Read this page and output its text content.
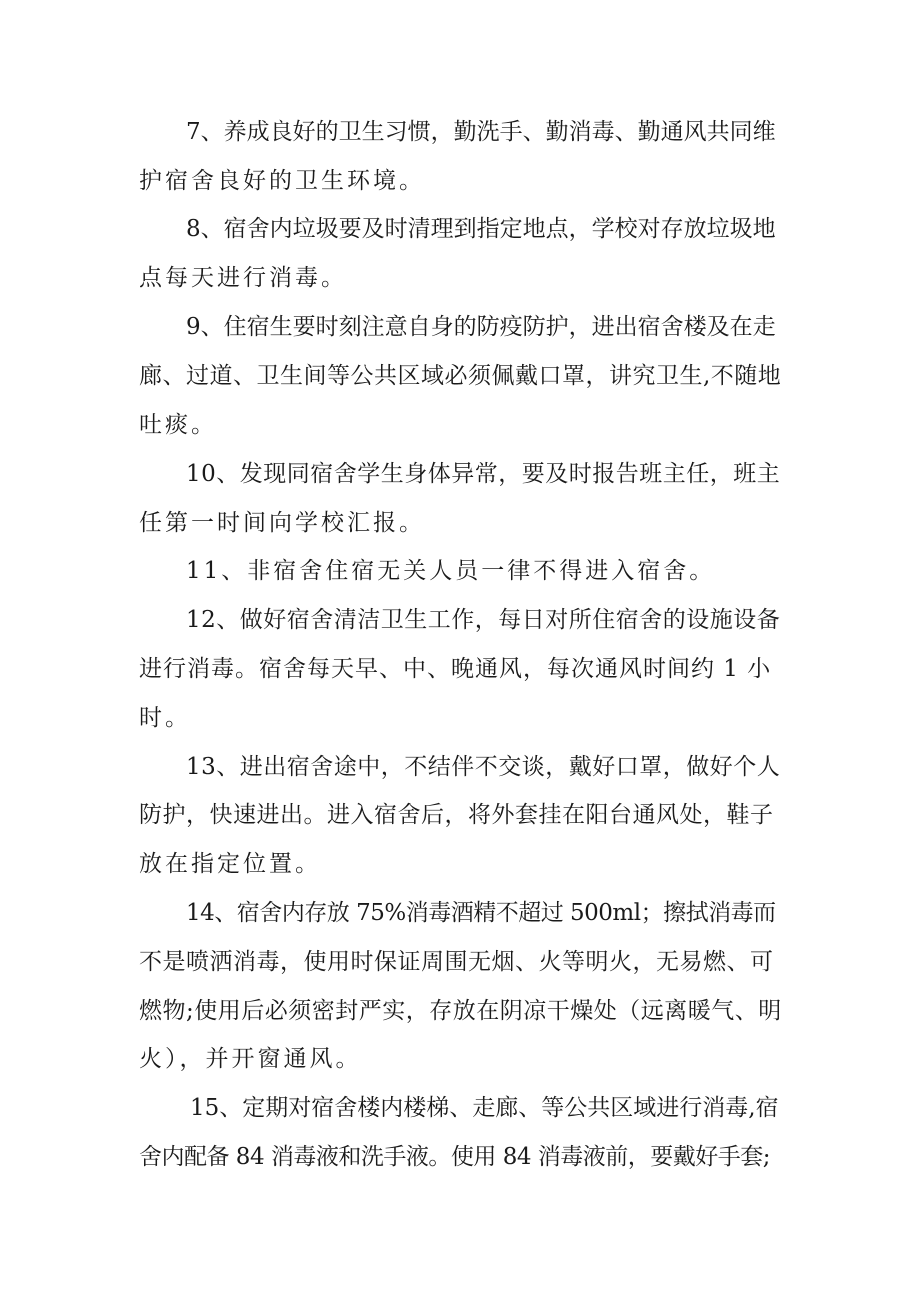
7、养成良好的卫生习惯，勤洗手、勤消毒、勤通风共同维
护宿舍良好的卫生环境。
8、宿舍内垃圾要及时清理到指定地点，学校对存放垃圾地
点每天进行消毒。
9、住宿生要时刻注意自身的防疫防护，进出宿舍楼及在走
廊、过道、卫生间等公共区域必须佩戴口罩，讲究卫生,不随地
吐痰。
10、发现同宿舍学生身体异常，要及时报告班主任，班主
任第一时间向学校汇报。
11、非宿舍住宿无关人员一律不得进入宿舍。
12、做好宿舍清洁卫生工作，每日对所住宿舍的设施设备
进行消毒。宿舍每天早、中、晚通风，每次通风时间约 1 小
时。
13、进出宿舍途中，不结伴不交谈，戴好口罩，做好个人
防护，快速进出。进入宿舍后，将外套挂在阳台通风处，鞋子
放在指定位置。
14、宿舍内存放 75%消毒酒精不超过 500ml；擦拭消毒而
不是喷洒消毒，使用时保证周围无烟、火等明火，无易燃、可
燃物;使用后必须密封严实，存放在阴凉干燥处（远离暖气、明
火），并开窗通风。
15、定期对宿舍楼内楼梯、走廊、等公共区域进行消毒,宿
舍内配备 84 消毒液和洗手液。使用 84 消毒液前，要戴好手套;
